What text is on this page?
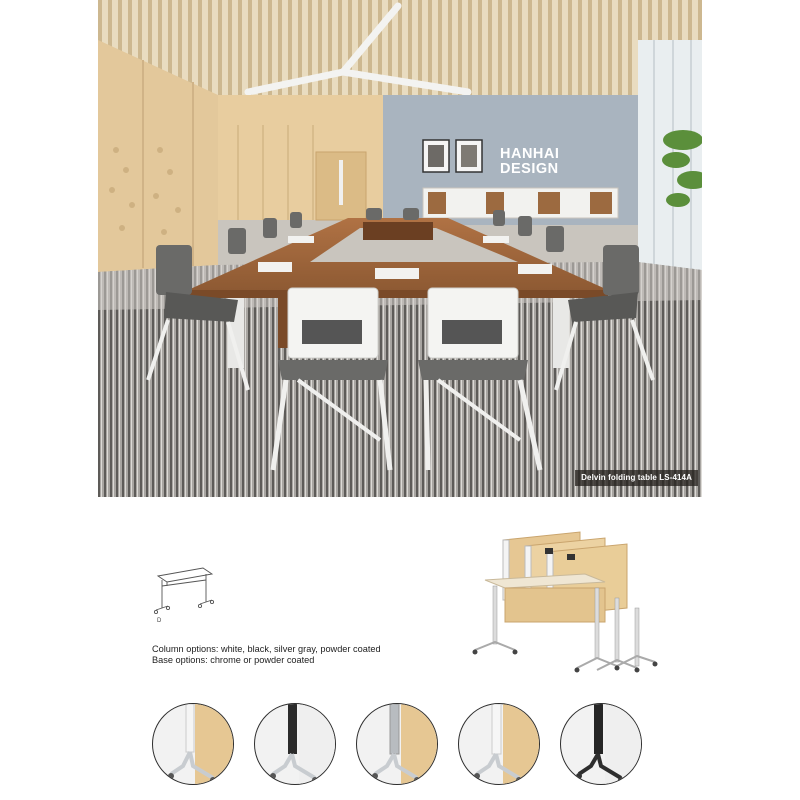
HANHAI
DESIGN
Delvin folding table LS-414A
D
Column options: white, black, silver gray, powder coated
Base options: chrome or powder coated
